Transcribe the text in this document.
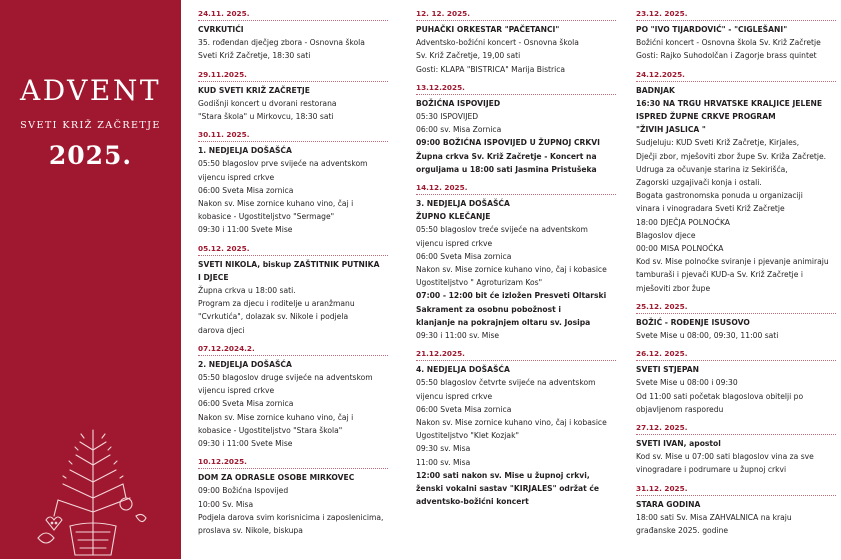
ADVENT
SVETI KRIŽ ZAČRETJE
2025.
24.11. 2025.
CVRKUTIĆI
35. rođendan dječjeg zbora - Osnovna škola
Sveti Križ Začretje, 18:30 sati
29.11.2025.
KUD SVETI KRIŽ ZAČRETJE
Godišnji koncert u dvorani restorana
"Stara škola" u Mirkovcu, 18:30 sati
30.11. 2025.
1. NEDJELJA DOŠAŠĆA
05:50 blagoslov prve svijeće na adventskom
vijencu ispred crkve
06:00 Sveta Misa zornica
Nakon sv. Mise zornice kuhano vino, čaj i
kobasice - Ugostiteljstvo "Sermage"
09:30 i 11:00 Svete Mise
05.12. 2025.
SVETI NIKOLA, biskup ZAŠTITNIK PUTNIKA
I DJECE
Župna crkva u 18:00 sati.
Program za djecu i roditelje u aranžmanu
"Cvrkutića", dolazak sv. Nikole i podjela
darova djeci
07.12.2024.2.
2. NEDJELJA DOŠAŠĆA
05:50 blagoslov druge svijeće na adventskom
vijencu ispred crkve
06:00 Sveta Misa zornica
Nakon sv. Mise zornice kuhano vino, čaj i
kobasice - Ugostiteljstvo "Stara škola"
09:30 i 11:00 Svete Mise
10.12.2025.
DOM ZA ODRASLE OSOBE MIRKOVEC
09:00 Božićna Ispovijed
10:00 Sv. Misa
Podjela darova svim korisnicima i zaposlenicima,
proslava sv. Nikole, biskupa
12. 12. 2025.
PUHAČKI ORKESTAR "PAČETANCI"
Adventsko-božićni koncert - Osnovna škola
Sv. Križ Začretje, 19,00 sati
Gosti: KLAPA "BISTRICA" Marija Bistrica
13.12.2025.
BOŽIĆNA ISPOVIJED
05:30 ISPOVIJED
06:00 sv. Misa Zornica
09:00 BOŽIĆNA ISPOVIJED U ŽUPNOJ CRKVI
Župna crkva Sv. Križ Začretje - Koncert na
orguljama u 18:00 sati Jasmina Pristušeka
14.12. 2025.
3. NEDJELJA DOŠAŠĆA
ŽUPNO KLEČANJE
05:50 blagoslov treće svijeće na adventskom
vijencu ispred crkve
06:00 Sveta Misa zornica
Nakon sv. Mise zornice kuhano vino, čaj i kobasice
Ugostiteljstvo " Agroturizam Kos"
07:00 - 12:00 bit će izložen Presveti Oltarski
Sakrament za osobnu pobožnost i
klanjanje na pokrajnjem oltaru sv. Josipa
09:30 i 11:00 sv. Mise
21.12.2025.
4. NEDJELJA DOŠAŠĆA
05:50 blagoslov četvrte svijeće na adventskom
vijencu ispred crkve
06:00 Sveta Misa zornica
Nakon sv. Mise zornice kuhano vino, čaj i kobasice
Ugostiteljstvo "Klet Kozjak"
09:30 sv. Misa
11:00 sv. Misa
12:00 sati nakon sv. Mise u župnoj crkvi,
ženski vokalni sastav "KIRJALES" održat će
adventsko-božićni koncert
23.12. 2025.
PO "IVO TIJARDOVIĆ" - "CIGLEŠANI"
Božićni koncert - Osnovna škola Sv. Križ Začretje
Gosti: Rajko Suhodolčan i Zagorje brass quintet
24.12.2025.
BADNJAK
16:30 NA TRGU HRVATSKE KRALJICE JELENE
ISPRED ŽUPNE CRKVE PROGRAM
"ŽIVIH JASLICA "
Sudjeluju: KUD Sveti Križ Začretje, Kirjales,
Dječji zbor, mješoviti zbor župe Sv. Križa Začretje.
Udruga za očuvanje starina iz Sekirišća,
Zagorski uzgajivači konja i ostali.
Bogata gastronomska ponuda u organizaciji
vinara i vinogradara Sveti Križ Začretje
18:00 DJEČJA POLNOĆKA
Blagoslov djece
00:00 MISA POLNOĆKA
Kod sv. Mise polnoćke sviranje i pjevanje animiraju
tamburaši i pjevači KUD-a Sv. Križ Začretje i
mješoviti zbor župe
25.12. 2025.
BOŽIĆ - ROĐENJE ISUSOVO
Svete Mise u 08:00, 09:30, 11:00 sati
26.12. 2025.
SVETI STJEPAN
Svete Mise u 08:00 i 09:30
Od 11:00 sati početak blagoslova obitelji po
objavljenom rasporedu
27.12. 2025.
SVETI IVAN, apostol
Kod sv. Mise u 07:00 sati blagoslov vina za sve
vinogradare i podrumare u župnoj crkvi
31.12. 2025.
STARA GODINA
18:00 sati Sv. Misa ZAHVALNICA na kraju
građanske 2025. godine
